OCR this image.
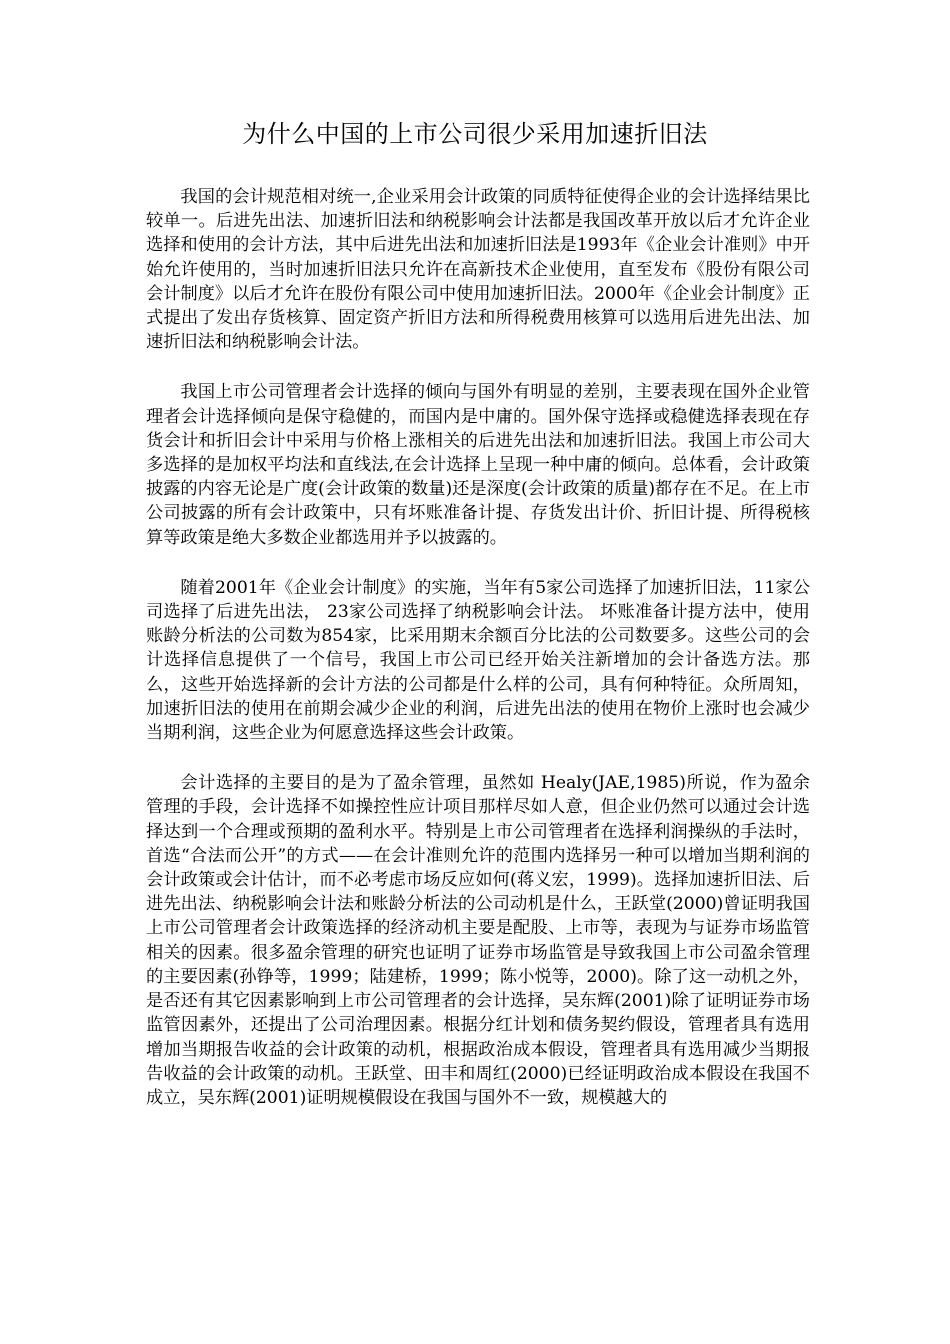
为什么中国的上市公司很少采用加速折旧法

我国的会计规范相对统一,企业采用会计政策的同质特征使得企业的会计选择结果比较单一。后进先出法、加速折旧法和纳税影响会计法都是我国改革开放以后才允许企业选择和使用的会计方法，其中后进先出法和加速折旧法是1993年《企业会计准则》中开始允许使用的，当时加速折旧法只允许在高新技术企业使用，直至发布《股份有限公司会计制度》以后才允许在股份有限公司中使用加速折旧法。2000年《企业会计制度》正式提出了发出存货核算、固定资产折旧方法和所得税费用核算可以选用后进先出法、加速折旧法和纳税影响会计法。

我国上市公司管理者会计选择的倾向与国外有明显的差别，主要表现在国外企业管理者会计选择倾向是保守稳健的，而国内是中庸的。国外保守选择或稳健选择表现在存货会计和折旧会计中采用与价格上涨相关的后进先出法和加速折旧法。我国上市公司大多选择的是加权平均法和直线法,在会计选择上呈现一种中庸的倾向。总体看，会计政策披露的内容无论是广度(会计政策的数量)还是深度(会计政策的质量)都存在不足。在上市公司披露的所有会计政策中，只有坏账准备计提、存货发出计价、折旧计提、所得税核算等政策是绝大多数企业都选用并予以披露的。

随着2001年《企业会计制度》的实施，当年有5家公司选择了加速折旧法，11家公司选择了后进先出法， 23家公司选择了纳税影响会计法。 坏账准备计提方法中，使用账龄分析法的公司数为854家，比采用期末余额百分比法的公司数要多。这些公司的会计选择信息提供了一个信号，我国上市公司已经开始关注新增加的会计备选方法。那么，这些开始选择新的会计方法的公司都是什么样的公司，具有何种特征。众所周知，加速折旧法的使用在前期会减少企业的利润，后进先出法的使用在物价上涨时也会减少当期利润，这些企业为何愿意选择这些会计政策。

会计选择的主要目的是为了盈余管理，虽然如 Healy(JAE,1985)所说，作为盈余管理的手段，会计选择不如操控性应计项目那样尽如人意，但企业仍然可以通过会计选择达到一个合理或预期的盈利水平。特别是上市公司管理者在选择利润操纵的手法时，首选“合法而公开”的方式——在会计准则允许的范围内选择另一种可以增加当期利润的会计政策或会计估计，而不必考虑市场反应如何(蒋义宏，1999)。选择加速折旧法、后进先出法、纳税影响会计法和账龄分析法的公司动机是什么，王跃堂(2000)曾证明我国上市公司管理者会计政策选择的经济动机主要是配股、上市等，表现为与证券市场监管相关的因素。很多盈余管理的研究也证明了证券市场监管是导致我国上市公司盈余管理的主要因素(孙铮等，1999；陆建桥，1999；陈小悦等，2000)。除了这一动机之外，是否还有其它因素影响到上市公司管理者的会计选择，吴东辉(2001)除了证明证券市场监管因素外，还提出了公司治理因素。根据分红计划和债务契约假设，管理者具有选用增加当期报告收益的会计政策的动机，根据政治成本假设，管理者具有选用减少当期报告收益的会计政策的动机。王跃堂、田丰和周红(2000)已经证明政治成本假设在我国不成立，吴东辉(2001)证明规模假设在我国与国外不一致，规模越大的
